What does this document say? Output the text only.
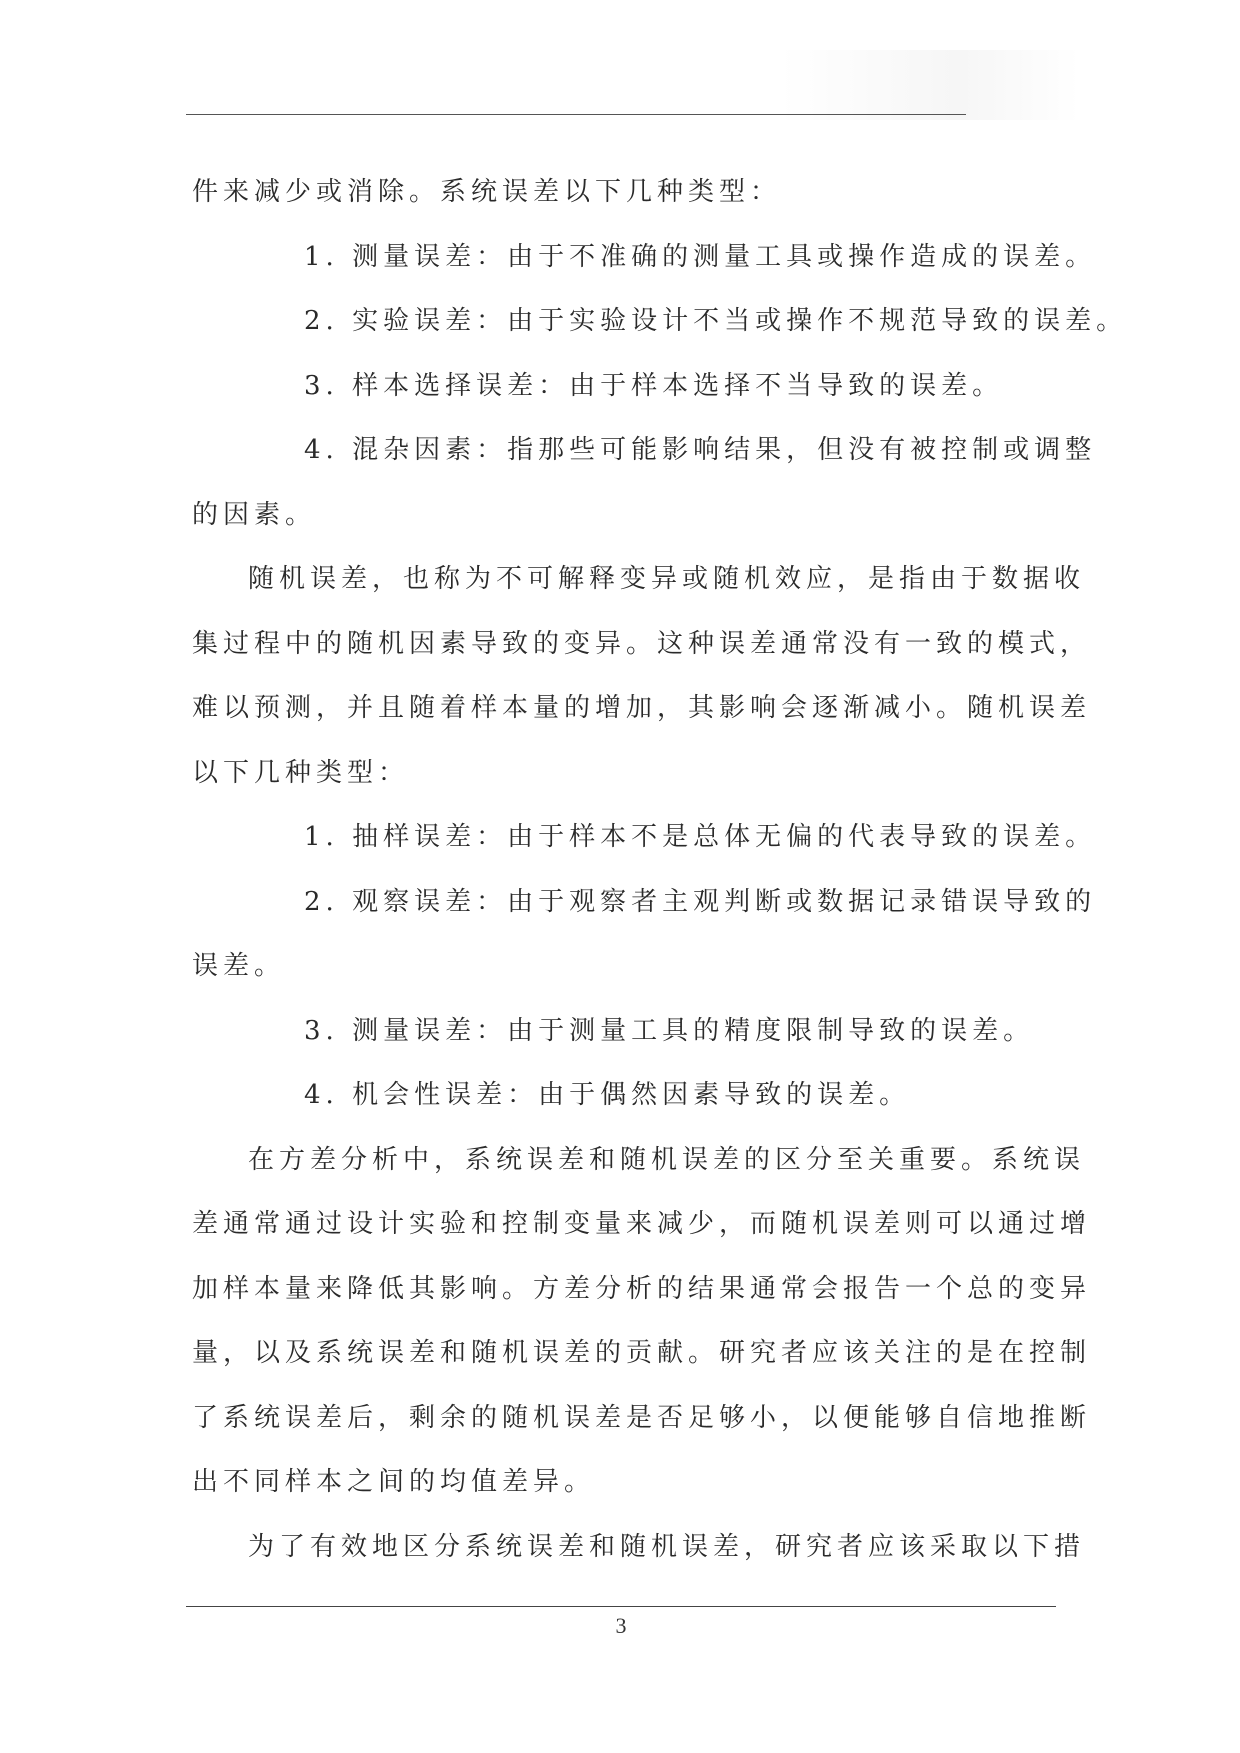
件来减少或消除。系统误差以下几种类型：
1. 测量误差：由于不准确的测量工具或操作造成的误差。
2. 实验误差：由于实验设计不当或操作不规范导致的误差。
3. 样本选择误差：由于样本选择不当导致的误差。
4. 混杂因素：指那些可能影响结果，但没有被控制或调整
的因素。
随机误差，也称为不可解释变异或随机效应，是指由于数据收
集过程中的随机因素导致的变异。这种误差通常没有一致的模式，
难以预测，并且随着样本量的增加，其影响会逐渐减小。随机误差
以下几种类型：
1. 抽样误差：由于样本不是总体无偏的代表导致的误差。
2. 观察误差：由于观察者主观判断或数据记录错误导致的
误差。
3. 测量误差：由于测量工具的精度限制导致的误差。
4. 机会性误差：由于偶然因素导致的误差。
在方差分析中，系统误差和随机误差的区分至关重要。系统误
差通常通过设计实验和控制变量来减少，而随机误差则可以通过增
加样本量来降低其影响。方差分析的结果通常会报告一个总的变异
量，以及系统误差和随机误差的贡献。研究者应该关注的是在控制
了系统误差后，剩余的随机误差是否足够小，以便能够自信地推断
出不同样本之间的均值差异。
为了有效地区分系统误差和随机误差，研究者应该采取以下措
3
